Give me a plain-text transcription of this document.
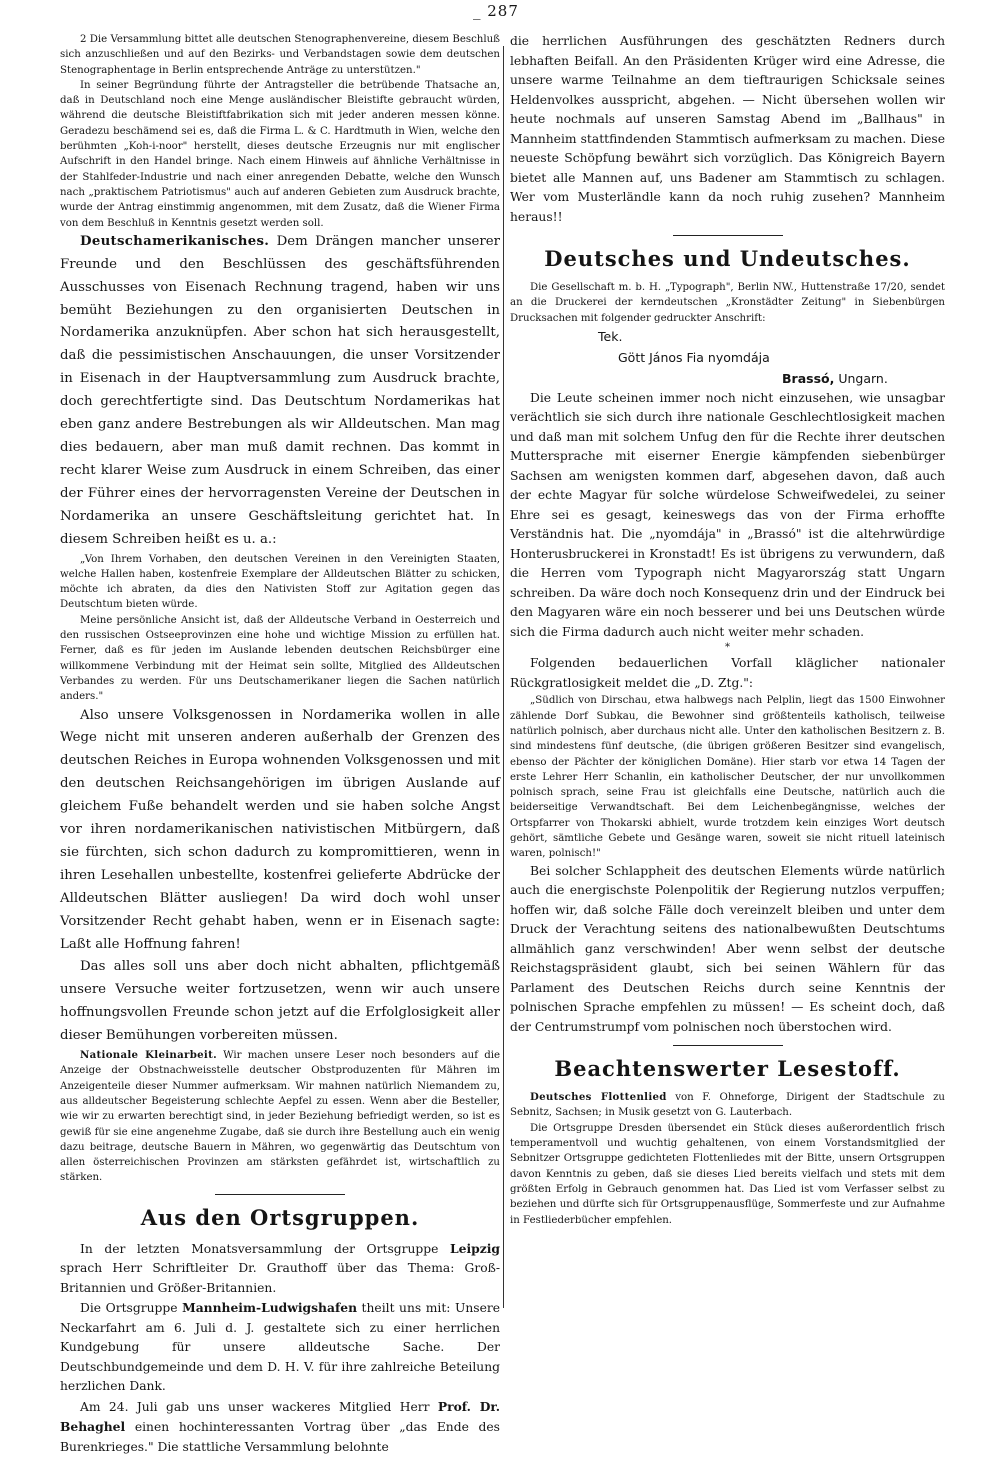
_ 287

2 Die Versammlung bittet alle deutschen Stenographenvereine, diesem Beschluß sich anzuschließen und auf den Bezirks- und Verbandstagen sowie dem deutschen Stenographentage in Berlin entsprechende Anträge zu unterstützen."

In seiner Begründung führte der Antragsteller die betrübende Thatsache an, daß in Deutschland noch eine Menge ausländischer Bleistifte gebraucht würden, während die deutsche Bleistiftfabrikation sich mit jeder anderen messen könne. Geradezu beschämend sei es, daß die Firma L. & C. Hardtmuth in Wien, welche den berühmten „Koh-i-noor" herstellt, dieses deutsche Erzeugnis nur mit englischer Aufschrift in den Handel bringe. Nach einem Hinweis auf ähnliche Verhältnisse in der Stahlfeder-Industrie und nach einer anregenden Debatte, welche den Wunsch nach „praktischem Patriotismus" auch auf anderen Gebieten zum Ausdruck brachte, wurde der Antrag einstimmig angenommen, mit dem Zusatz, daß die Wiener Firma von dem Beschluß in Kenntnis gesetzt werden soll.

Deutschamerikanisches. Dem Drängen mancher unserer Freunde und den Beschlüssen des geschäftsführenden Ausschusses von Eisenach Rechnung tragend, haben wir uns bemüht Beziehungen zu den organisierten Deutschen in Nordamerika anzuknüpfen. Aber schon hat sich herausgestellt, daß die pessimistischen Anschauungen, die unser Vorsitzender in Eisenach in der Hauptversammlung zum Ausdruck brachte, doch gerechtfertigte sind. Das Deutschtum Nordamerikas hat eben ganz andere Bestrebungen als wir Alldeutschen. Man mag dies bedauern, aber man muß damit rechnen. Das kommt in recht klarer Weise zum Ausdruck in einem Schreiben, das einer der Führer eines der hervorragensten Vereine der Deutschen in Nordamerika an unsere Geschäftsleitung gerichtet hat. In diesem Schreiben heißt es u. a.:

„Von Ihrem Vorhaben, den deutschen Vereinen in den Vereinigten Staaten, welche Hallen haben, kostenfreie Exemplare der Alldeutschen Blätter zu schicken, möchte ich abraten, da dies den Nativisten Stoff zur Agitation gegen das Deutschtum bieten würde.

Meine persönliche Ansicht ist, daß der Alldeutsche Verband in Oesterreich und den russischen Ostseeprovinzen eine hohe und wichtige Mission zu erfüllen hat. Ferner, daß es für jeden im Auslande lebenden deutschen Reichsbürger eine willkommene Verbindung mit der Heimat sein sollte, Mitglied des Alldeutschen Verbandes zu werden. Für uns Deutschamerikaner liegen die Sachen natürlich anders."

Also unsere Volksgenossen in Nordamerika wollen in alle Wege nicht mit unseren anderen außerhalb der Grenzen des deutschen Reiches in Europa wohnenden Volksgenossen und mit den deutschen Reichsangehörigen im übrigen Auslande auf gleichem Fuße behandelt werden und sie haben solche Angst vor ihren nordamerikanischen nativistischen Mitbürgern, daß sie fürchten, sich schon dadurch zu kompromittieren, wenn in ihren Lesehallen unbestellte, kostenfrei gelieferte Abdrücke der Alldeutschen Blätter ausliegen! Da wird doch wohl unser Vorsitzender Recht gehabt haben, wenn er in Eisenach sagte: Laßt alle Hoffnung fahren!

Das alles soll uns aber doch nicht abhalten, pflichtgemäß unsere Versuche weiter fortzusetzen, wenn wir auch unsere hoffnungsvollen Freunde schon jetzt auf die Erfolglosigkeit aller dieser Bemühungen vorbereiten müssen.

Nationale Kleinarbeit. Wir machen unsere Leser noch besonders auf die Anzeige der Obstnachweisstelle deutscher Obstproduzenten für Mähren im Anzeigenteile dieser Nummer aufmerksam. Wir mahnen natürlich Niemandem zu, aus alldeutscher Begeisterung schlechte Aepfel zu essen. Wenn aber die Besteller, wie wir zu erwarten berechtigt sind, in jeder Beziehung befriedigt werden, so ist es gewiß für sie eine angenehme Zugabe, daß sie durch ihre Bestellung auch ein wenig dazu beitrage, deutsche Bauern in Mähren, wo gegenwärtig das Deutschtum von allen österreichischen Provinzen am stärksten gefährdet ist, wirtschaftlich zu stärken.

Aus den Ortsgruppen.

In der letzten Monatsversammlung der Ortsgruppe Leipzig sprach Herr Schriftleiter Dr. Grauthoff über das Thema: Groß-Britannien und Größer-Britannien.

Die Ortsgruppe Mannheim-Ludwigshafen theilt uns mit: Unsere Neckarfahrt am 6. Juli d. J. gestaltete sich zu einer herrlichen Kundgebung für unsere alldeutsche Sache. Der Deutschbundgemeinde und dem D. H. V. für ihre zahlreiche Beteilung herzlichen Dank.

Am 24. Juli gab uns unser wackeres Mitglied Herr Prof. Dr. Behaghel einen hochinteressanten Vortrag über „das Ende des Burenkrieges." Die stattliche Versammlung belohnte

die herrlichen Ausführungen des geschätzten Redners durch lebhaften Beifall. An den Präsidenten Krüger wird eine Adresse, die unsere warme Teilnahme an dem tieftraurigen Schicksale seines Heldenvolkes ausspricht, abgehen. — Nicht übersehen wollen wir heute nochmals auf unseren Samstag Abend im „Ballhaus" in Mannheim stattfindenden Stammtisch aufmerksam zu machen. Diese neueste Schöpfung bewährt sich vorzüglich. Das Königreich Bayern bietet alle Mannen auf, uns Badener am Stammtisch zu schlagen. Wer vom Musterländle kann da noch ruhig zusehen? Mannheim heraus!!

Deutsches und Undeutsches.

Die Gesellschaft m. b. H. „Typograph", Berlin NW., Huttenstraße 17/20, sendet an die Druckerei der kerndeutschen „Kronstädter Zeitung" in Siebenbürgen Drucksachen mit folgender gedruckter Anschrift:

Tek.
Gött János Fia nyomdája
Brassó, Ungarn.

Die Leute scheinen immer noch nicht einzusehen, wie unsagbar verächtlich sie sich durch ihre nationale Geschlechtlosigkeit machen und daß man mit solchem Unfug den für die Rechte ihrer deutschen Muttersprache mit eiserner Energie kämpfenden siebenbürger Sachsen am wenigsten kommen darf, abgesehen davon, daß auch der echte Magyar für solche würdelose Schweifwedelei, zu seiner Ehre sei es gesagt, keineswegs das von der Firma erhoffte Verständnis hat. Die „nyomdája" in „Brassó" ist die altehrwürdige Honterusbruckerei in Kronstadt! Es ist übrigens zu verwundern, daß die Herren vom Typograph nicht Magyarország statt Ungarn schreiben. Da wäre doch noch Konsequenz drin und der Eindruck bei den Magyaren wäre ein noch besserer und bei uns Deutschen würde sich die Firma dadurch auch nicht weiter mehr schaden.

*

Folgenden bedauerlichen Vorfall kläglicher nationaler Rückgratlosigkeit meldet die „D. Ztg.":

„Südlich von Dirschau, etwa halbwegs nach Pelplin, liegt das 1500 Einwohner zählende Dorf Subkau, die Bewohner sind größtenteils katholisch, teilweise natürlich polnisch, aber durchaus nicht alle. Unter den katholischen Besitzern z. B. sind mindestens fünf deutsche, (die übrigen größeren Besitzer sind evangelisch, ebenso der Pächter der königlichen Domäne). Hier starb vor etwa 14 Tagen der erste Lehrer Herr Schanlin, ein katholischer Deutscher, der nur unvollkommen polnisch sprach, seine Frau ist gleichfalls eine Deutsche, natürlich auch die beiderseitige Verwandtschaft. Bei dem Leichenbegängnisse, welches der Ortspfarrer von Thokarski abhielt, wurde trotzdem kein einziges Wort deutsch gehört, sämtliche Gebete und Gesänge waren, soweit sie nicht rituell lateinisch waren, polnisch!"

Bei solcher Schlappheit des deutschen Elements würde natürlich auch die energischste Polenpolitik der Regierung nutzlos verpuffen; hoffen wir, daß solche Fälle doch vereinzelt bleiben und unter dem Druck der Verachtung seitens des nationalbewußten Deutschtums allmählich ganz verschwinden! Aber wenn selbst der deutsche Reichstagspräsident glaubt, sich bei seinen Wählern für das Parlament des Deutschen Reichs durch seine Kenntnis der polnischen Sprache empfehlen zu müssen! — Es scheint doch, daß der Centrumstrumpf vom polnischen noch überstochen wird.

Beachtenswerter Lesestoff.

Deutsches Flottenlied von F. Ohneforge, Dirigent der Stadtschule zu Sebnitz, Sachsen; in Musik gesetzt von G. Lauterbach.

Die Ortsgruppe Dresden übersendet ein Stück dieses außerordentlich frisch temperamentvoll und wuchtig gehaltenen, von einem Vorstandsmitglied der Sebnitzer Ortsgruppe gedichteten Flottenliedes mit der Bitte, unsern Ortsgruppen davon Kenntnis zu geben, daß sie dieses Lied bereits vielfach und stets mit dem größten Erfolg in Gebrauch genommen hat. Das Lied ist vom Verfasser selbst zu beziehen und dürfte sich für Ortsgruppenausflüge, Sommerfeste und zur Aufnahme in Festliederbücher empfehlen.
